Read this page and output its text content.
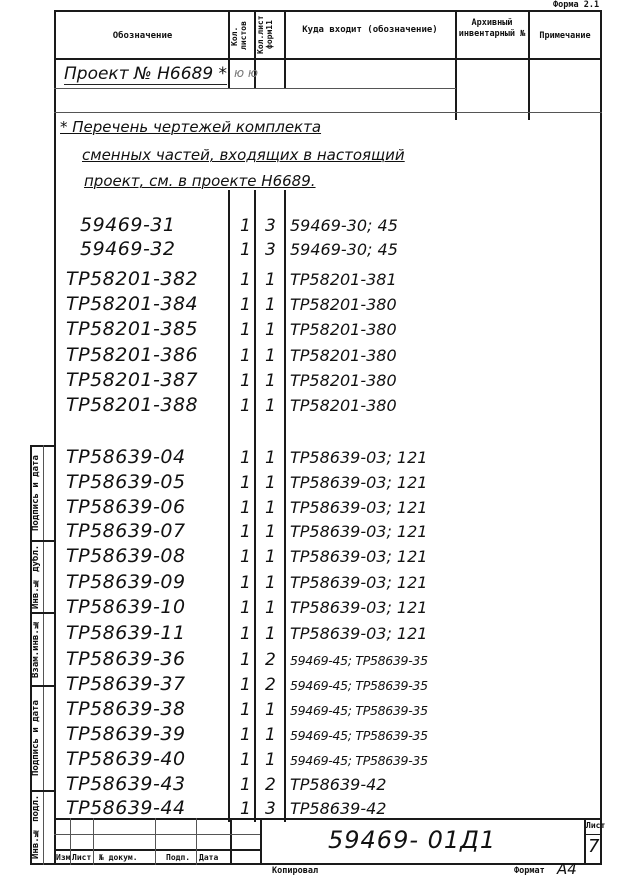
Форма 2.1
Обозначение	Кол. листов	Кол.лист форм11	Куда входит (обозначение)
Архивный инвентарный №	Примечание
Проект № Н6689 * ю ю
* Перечень чертежей комплекта
сменных частей, входящих в настоящий
проект, см. в проекте Н6689.
59469-31	1 3 59469-30; 45
59469-32	1 3 59469-30; 45
ТР58201-382 1 1 ТР58201-381
ТР58201-384 1 1 ТР58201-380
ТР58201-385 1 1 ТР58201-380
ТР58201-386 1 1 ТР58201-380
ТР58201-387 1 1 ТР58201-380
ТР58201-388 1 1 ТР58201-380
ТР58639-04	1 1 ТР58639-03; 121
ТР58639-05	1 1 ТР58639-03; 121
ТР58639-06	1 1 ТР58639-03; 121
ТР58639-07	1 1 ТР58639-03; 121
ТР58639-08	1 1 ТР58639-03; 121
ТР58639-09	1 1 ТР58639-03; 121
ТР58639-10	1 1 ТР58639-03; 121
ТР58639-11	1 1 ТР58639-03; 121
ТР58639-36	1 2 59469-45; ТР58639-35
ТР58639-37	1 2 59469-45; ТР58639-35
ТР58639-38	1 1 59469-45; ТР58639-35
ТР58639-39	1 1 59469-45; ТР58639-35
ТР58639-40	1 1 59469-45; ТР58639-35
ТР58639-43	1 2 ТР58639-42
ТР58639-44	1 3 ТР58639-42
Инв.№ подл.
Подпись и дата
Взам.инв.№
Инв.№ дубл.
Подпись и дата
59469- 01Д1
Лист
7
Изм Лист № докум.	Подп. Дата
Копировал	Формат А4
